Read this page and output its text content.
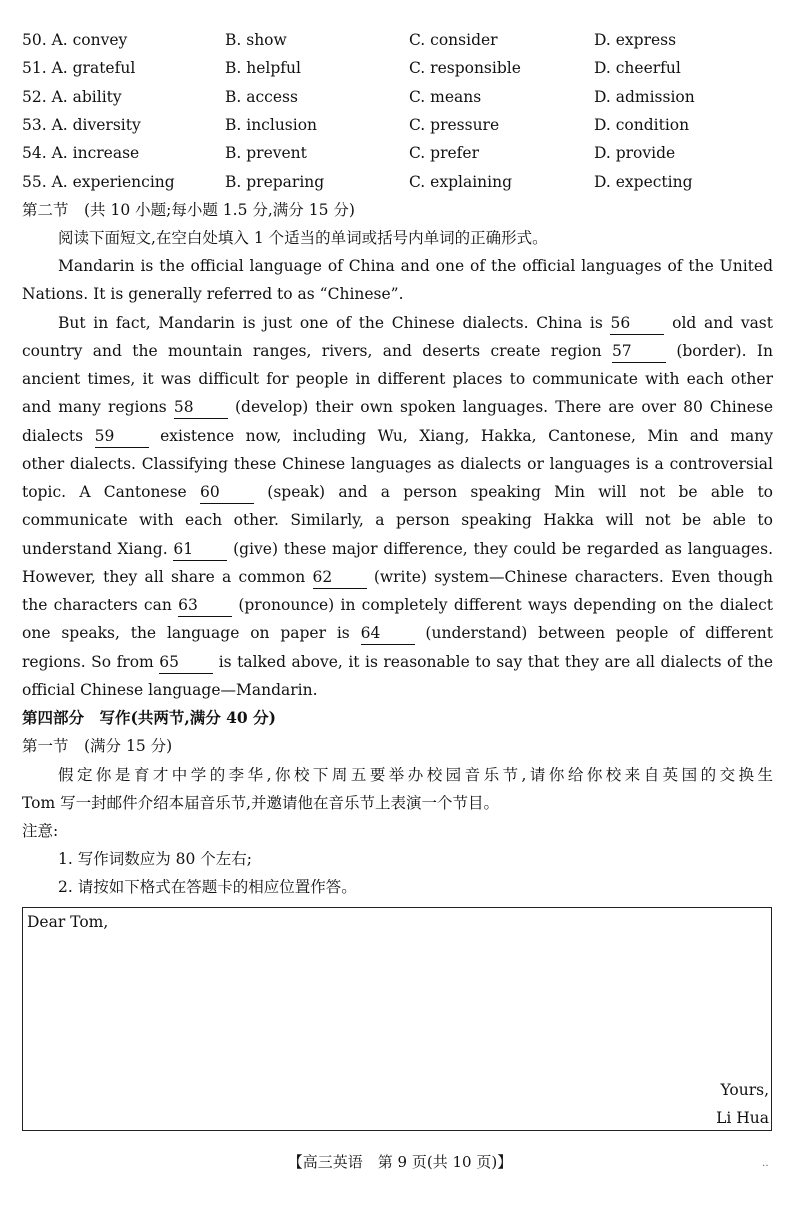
50. A. convey	B. show	C. consider	D. express
51. A. grateful	B. helpful	C. responsible	D. cheerful
52. A. ability	B. access	C. means	D. admission
53. A. diversity	B. inclusion	C. pressure	D. condition
54. A. increase	B. prevent	C. prefer	D. provide
55. A. experiencing	B. preparing	C. explaining	D. expecting
第二节　(共 10 小题;每小题 1.5 分,满分 15 分)
阅读下面短文,在空白处填入 1 个适当的单词或括号内单词的正确形式。
Mandarin is the official language of China and one of the official languages of the United
Nations. It is generally referred to as “Chinese”.
But in fact, Mandarin is just one of the Chinese dialects. China is 56 old and vast
country and the mountain ranges, rivers, and deserts create region 57 (border). In
ancient times, it was difficult for people in different places to communicate with each other
and many regions 58 (develop) their own spoken languages. There are over 80 Chinese
dialects 59 existence now, including Wu, Xiang, Hakka, Cantonese, Min and many
other dialects. Classifying these Chinese languages as dialects or languages is a controversial
topic. A Cantonese 60 (speak) and a person speaking Min will not be able to
communicate with each other. Similarly, a person speaking Hakka will not be able to
understand Xiang. 61 (give) these major difference, they could be regarded as languages.
However, they all share a common 62 (write) system—Chinese characters. Even though
the characters can 63 (pronounce) in completely different ways depending on the dialect
one speaks, the language on paper is 64 (understand) between people of different
regions. So from 65 is talked above, it is reasonable to say that they are all dialects of the
official Chinese language—Mandarin.
第四部分　写作(共两节,满分 40 分)
第一节　(满分 15 分)
假定你是育才中学的李华,你校下周五要举办校园音乐节,请你给你校来自英国的交换生
Tom 写一封邮件介绍本届音乐节,并邀请他在音乐节上表演一个节目。
注意:
1. 写作词数应为 80 个左右;
2. 请按如下格式在答题卡的相应位置作答。
Dear Tom,
Yours,
Li Hua
【高三英语　第 9 页(共 10 页)】	‥
